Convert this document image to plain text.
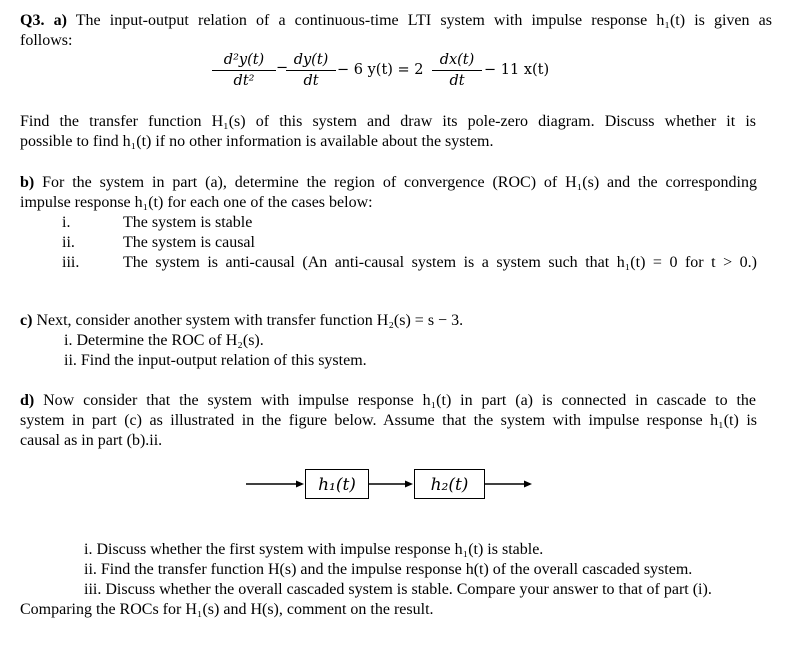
Q3. a) The input-output relation of a continuous-time LTI system with impulse response h₁(t) is given as
follows:
$\frac{\text{d²y(t)}}{\text{dt²}}$ −
$\frac{dy(t)}{dt} - 6$ $y(t) = 2 \frac{dx(t)}{dt} - 11$ x(t)
Find the transfer function H₁(s) of this system and draw its pole-zero diagram. Discuss whether it is
possible to find h₁(t) if no other information is available about the system.
b) For the system in part (a), determine the region of convergence (ROC) of H₁(s) and the corresponding
impulse response h₁(t) for each one of the cases below:
i.	The system is stable
ii.	The system is causal
iii.	The system is anti-causal (An anti-causal system is a system such that h₁(t) = 0 for t > 0.)
c) Next, consider another system with transfer function H₂(s) = s − 3.
i. Determine the ROC of H₂(s).
ii. Find the input-output relation of this system.
d) Now consider that the system with impulse response h₁(t) in part (a) is connected in cascade to the
system in part (c) as illustrated in the figure below. Assume that the system with impulse response h₁(t) is
causal as in part (b).ii.
h₁(t)	h₂(t)
i. Discuss whether the first system with impulse response h₁(t) is stable.
ii. Find the transfer function H(s) and the impulse response h(t) of the overall cascaded system.
iii. Discuss whether the overall cascaded system is stable. Compare your answer to that of part (i).
Comparing the ROCs for H₁(s) and H(s), comment on the result.
